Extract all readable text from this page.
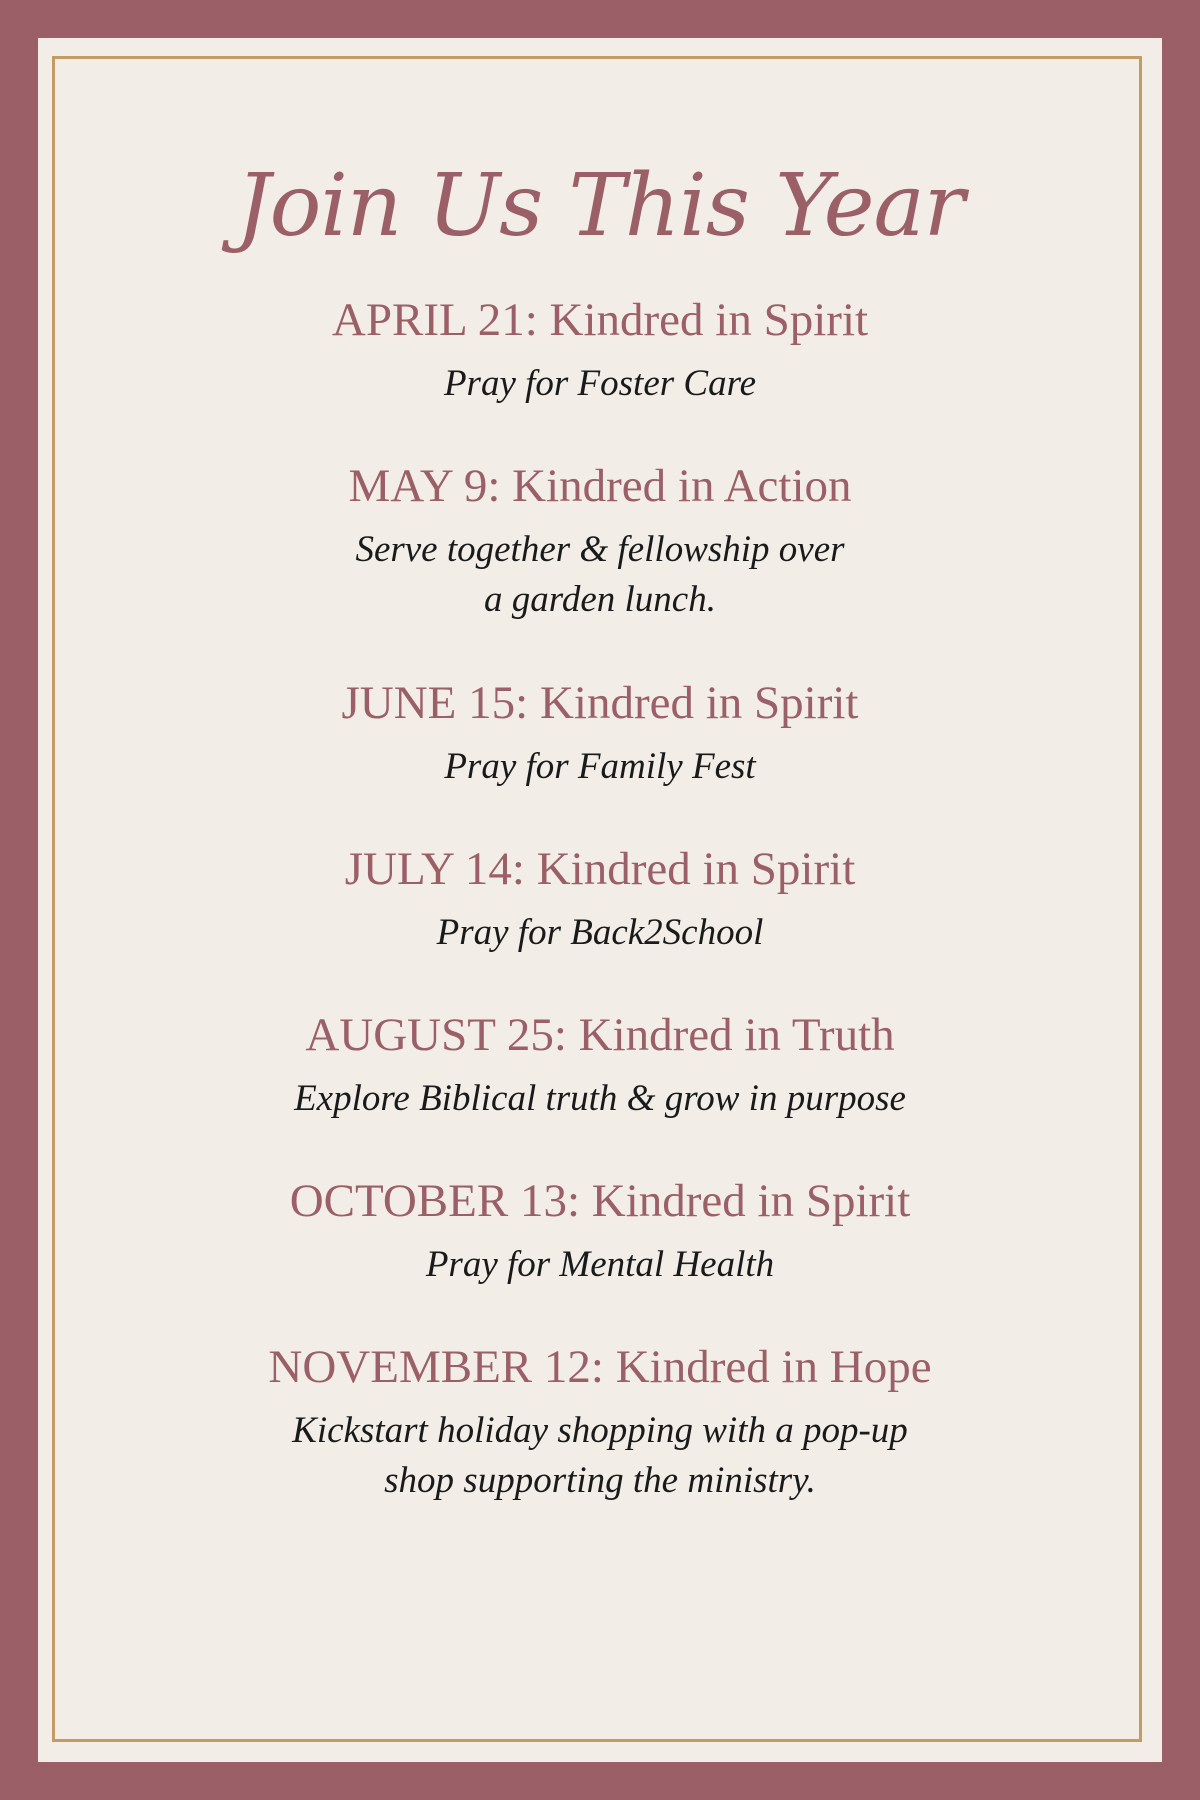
Join Us This Year

APRIL 21: Kindred in Spirit

Pray for Foster Care

MAY 9: Kindred in Action

Serve together & fellowship over
a garden lunch.

JUNE 15: Kindred in Spirit

Pray for Family Fest

JULY 14: Kindred in Spirit

Pray for Back2School

AUGUST 25: Kindred in Truth

Explore Biblical truth & grow in purpose

OCTOBER 13: Kindred in Spirit

Pray for Mental Health

NOVEMBER 12: Kindred in Hope

Kickstart holiday shopping with a pop-up
shop supporting the ministry.
